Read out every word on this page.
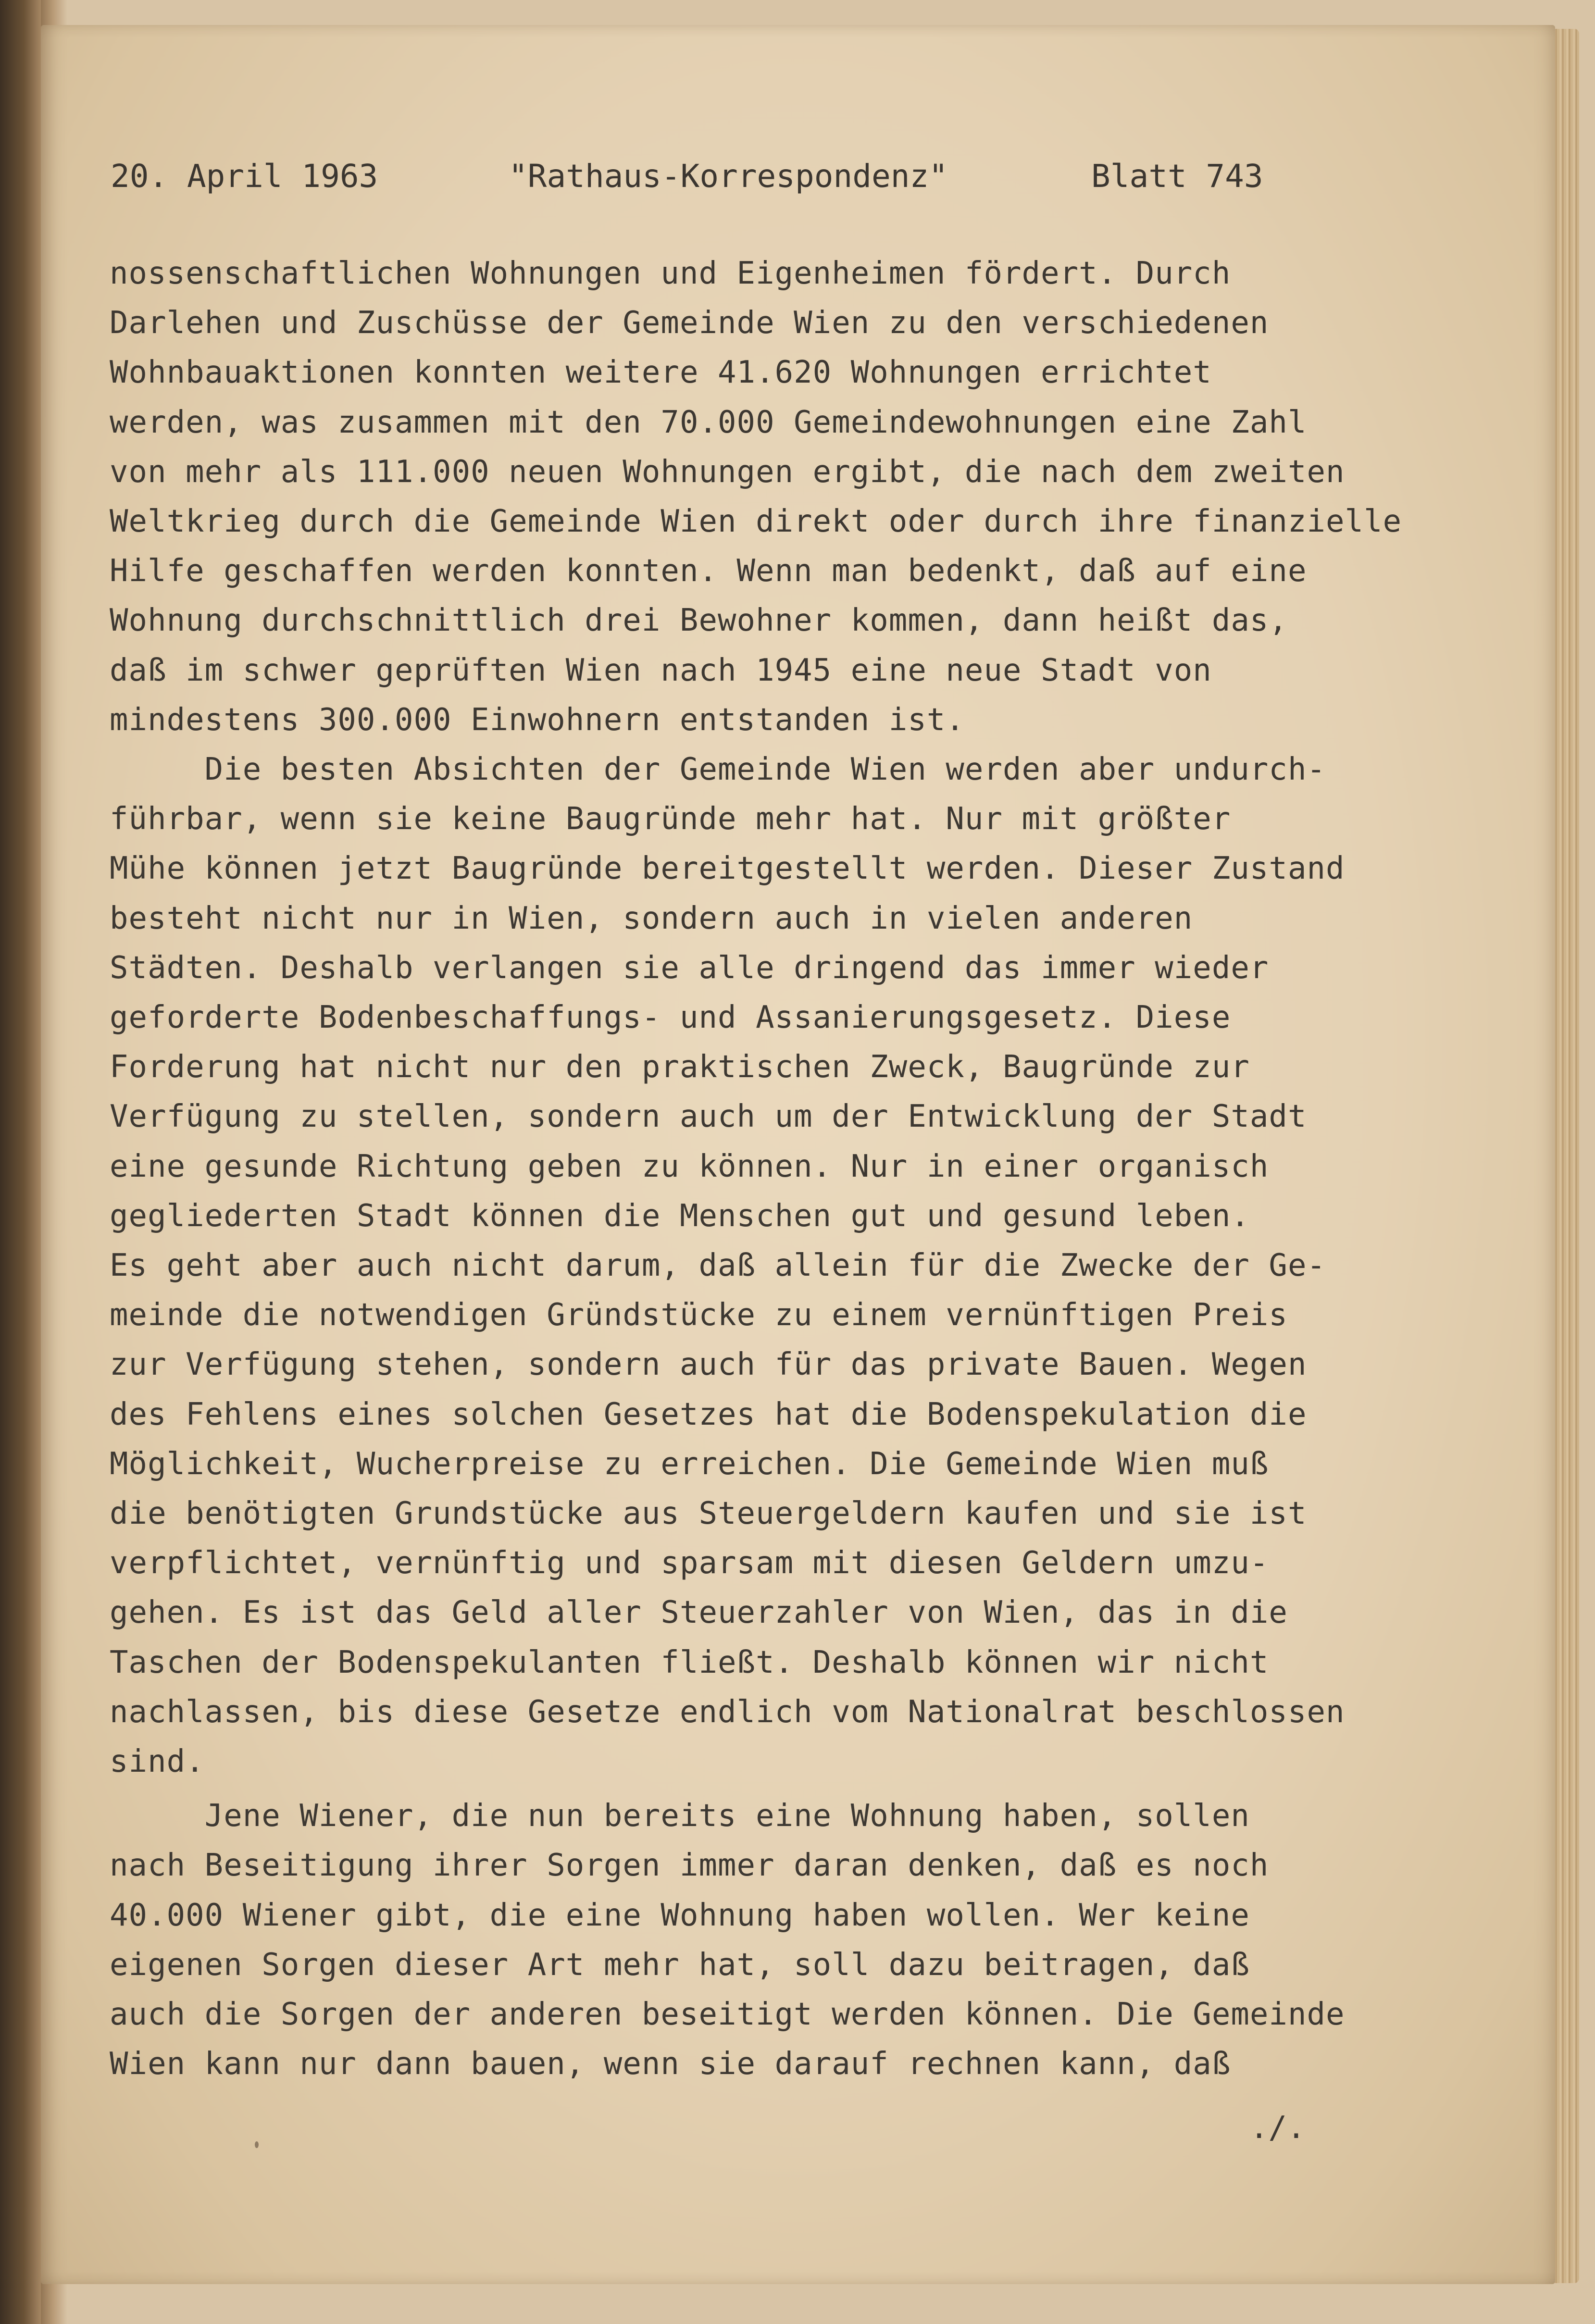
20. April 1963	"Rathaus-Korrespondenz"	Blatt 743
nossenschaftlichen Wohnungen und Eigenheimen fördert. Durch
Darlehen und Zuschüsse der Gemeinde Wien zu den verschiedenen
Wohnbauaktionen konnten weitere 41.620 Wohnungen errichtet
werden, was zusammen mit den 70.000 Gemeindewohnungen eine Zahl
von mehr als 111.000 neuen Wohnungen ergibt, die nach dem zweiten
Weltkrieg durch die Gemeinde Wien direkt oder durch ihre finanzielle
Hilfe geschaffen werden konnten. Wenn man bedenkt, daß auf eine
Wohnung durchschnittlich drei Bewohner kommen, dann heißt das,
daß im schwer geprüften Wien nach 1945 eine neue Stadt von
mindestens 300.000 Einwohnern entstanden ist.
Die besten Absichten der Gemeinde Wien werden aber undurch-
führbar, wenn sie keine Baugründe mehr hat. Nur mit größter
Mühe können jetzt Baugründe bereitgestellt werden. Dieser Zustand
besteht nicht nur in Wien, sondern auch in vielen anderen
Städten. Deshalb verlangen sie alle dringend das immer wieder
geforderte Bodenbeschaffungs- und Assanierungsgesetz. Diese
Forderung hat nicht nur den praktischen Zweck, Baugründe zur
Verfügung zu stellen, sondern auch um der Entwicklung der Stadt
eine gesunde Richtung geben zu können. Nur in einer organisch
gegliederten Stadt können die Menschen gut und gesund leben.
Es geht aber auch nicht darum, daß allein für die Zwecke der Ge-
meinde die notwendigen Gründstücke zu einem vernünftigen Preis
zur Verfügung stehen, sondern auch für das private Bauen. Wegen
des Fehlens eines solchen Gesetzes hat die Bodenspekulation die
Möglichkeit, Wucherpreise zu erreichen. Die Gemeinde Wien muß
die benötigten Grundstücke aus Steuergeldern kaufen und sie ist
verpflichtet, vernünftig und sparsam mit diesen Geldern umzu-
gehen. Es ist das Geld aller Steuerzahler von Wien, das in die
Taschen der Bodenspekulanten fließt. Deshalb können wir nicht
nachlassen, bis diese Gesetze endlich vom Nationalrat beschlossen
sind.
Jene Wiener, die nun bereits eine Wohnung haben, sollen
nach Beseitigung ihrer Sorgen immer daran denken, daß es noch
40.000 Wiener gibt, die eine Wohnung haben wollen. Wer keine
eigenen Sorgen dieser Art mehr hat, soll dazu beitragen, daß
auch die Sorgen der anderen beseitigt werden können. Die Gemeinde
Wien kann nur dann bauen, wenn sie darauf rechnen kann, daß
./.
